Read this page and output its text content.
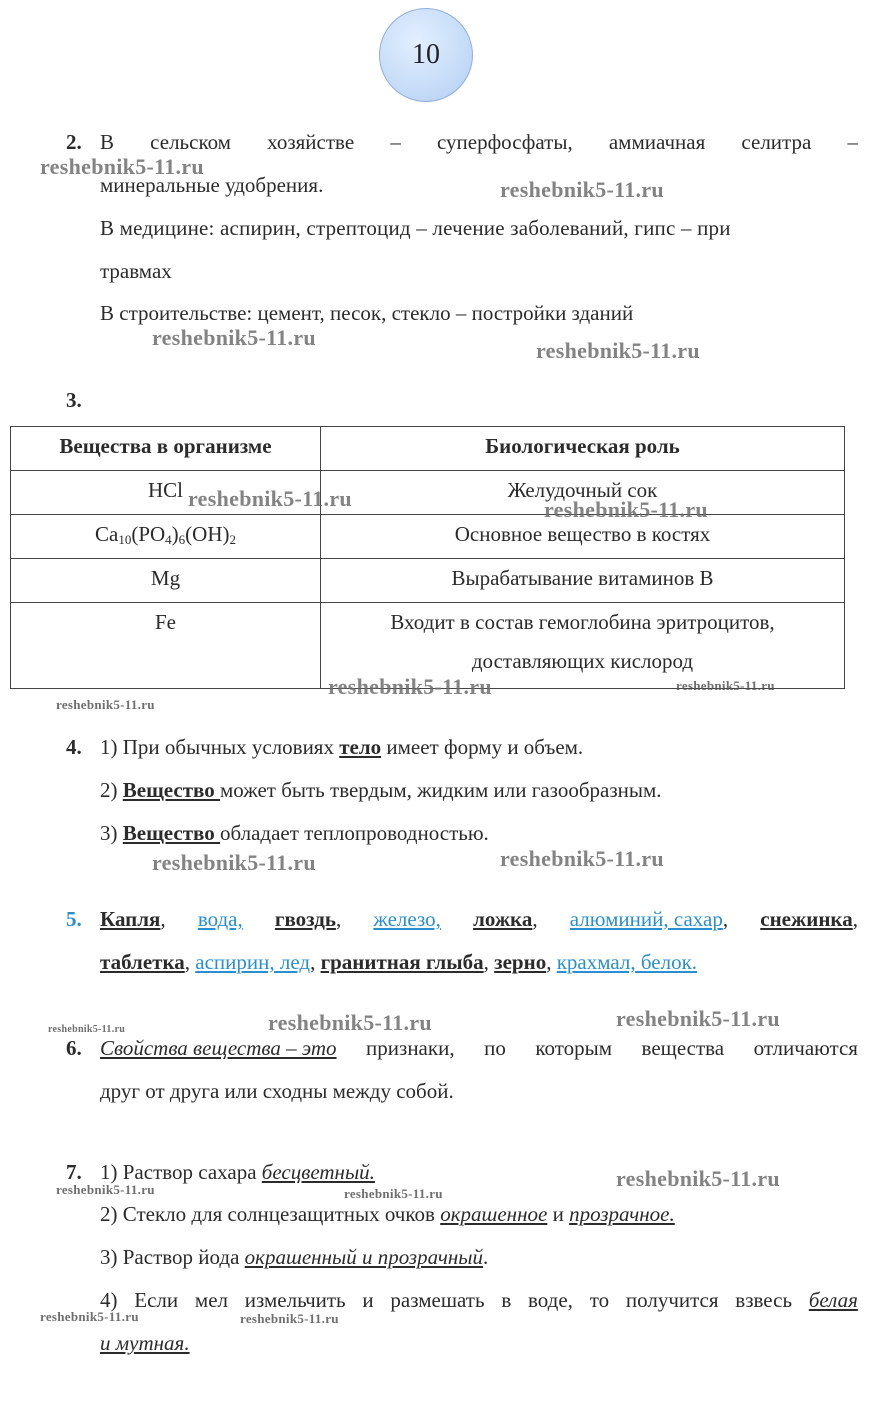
10
2. В сельском хозяйстве – суперфосфаты, аммиачная селитра –
минеральные удобрения.
В медицине: аспирин, стрептоцид – лечение заболеваний, гипс – при
травмах
В строительстве: цемент, песок, стекло – постройки зданий
3.
Вещества в организме	Биологическая роль
HCl	Желудочный сок
$Ca_{10}(PO_4)_6(OH)_2$	Основное вещество в костях
Mg	Вырабатывание витаминов В
Fe	Входит в состав гемоглобина эритроцитов,
доставляющих кислород
4. 1) При обычных условиях тело имеет форму и объем.
2) Вещество может быть твердым, жидким или газообразным.
3) Вещество обладает теплопроводностью.
5. Капля, вода, гвоздь, железо, ложка, алюминий, сахар, снежинка,
таблетка, аспирин, лед, гранитная глыба, зерно, крахмал, белок.
6. Свойства вещества – это признаки, по которым вещества отличаются
друг от друга или сходны между собой.
7. 1) Раствор сахара бесцветный.
2) Стекло для солнцезащитных очков окрашенное и прозрачное.
3) Раствор йода окрашенный и прозрачный.
4) Если мел измельчить и размешать в воде, то получится взвесь белая
и мутная.
reshebnik5-11.ru
reshebnik5-11.ru
reshebnik5-11.ru
reshebnik5-11.ru
reshebnik5-11.ru	reshebnik5-11.ru
reshebnik5-11.ru	reshebnik5-11.ru
reshebnik5-11.ru
reshebnik5-11.ru	reshebnik5-11.ru
reshebnik5-11.ru	reshebnik5-11.ru	reshebnik5-11.ru
reshebnik5-11.ru
reshebnik5-11.ru	reshebnik5-11.ru
reshebnik5-11.ru	reshebnik5-11.ru
